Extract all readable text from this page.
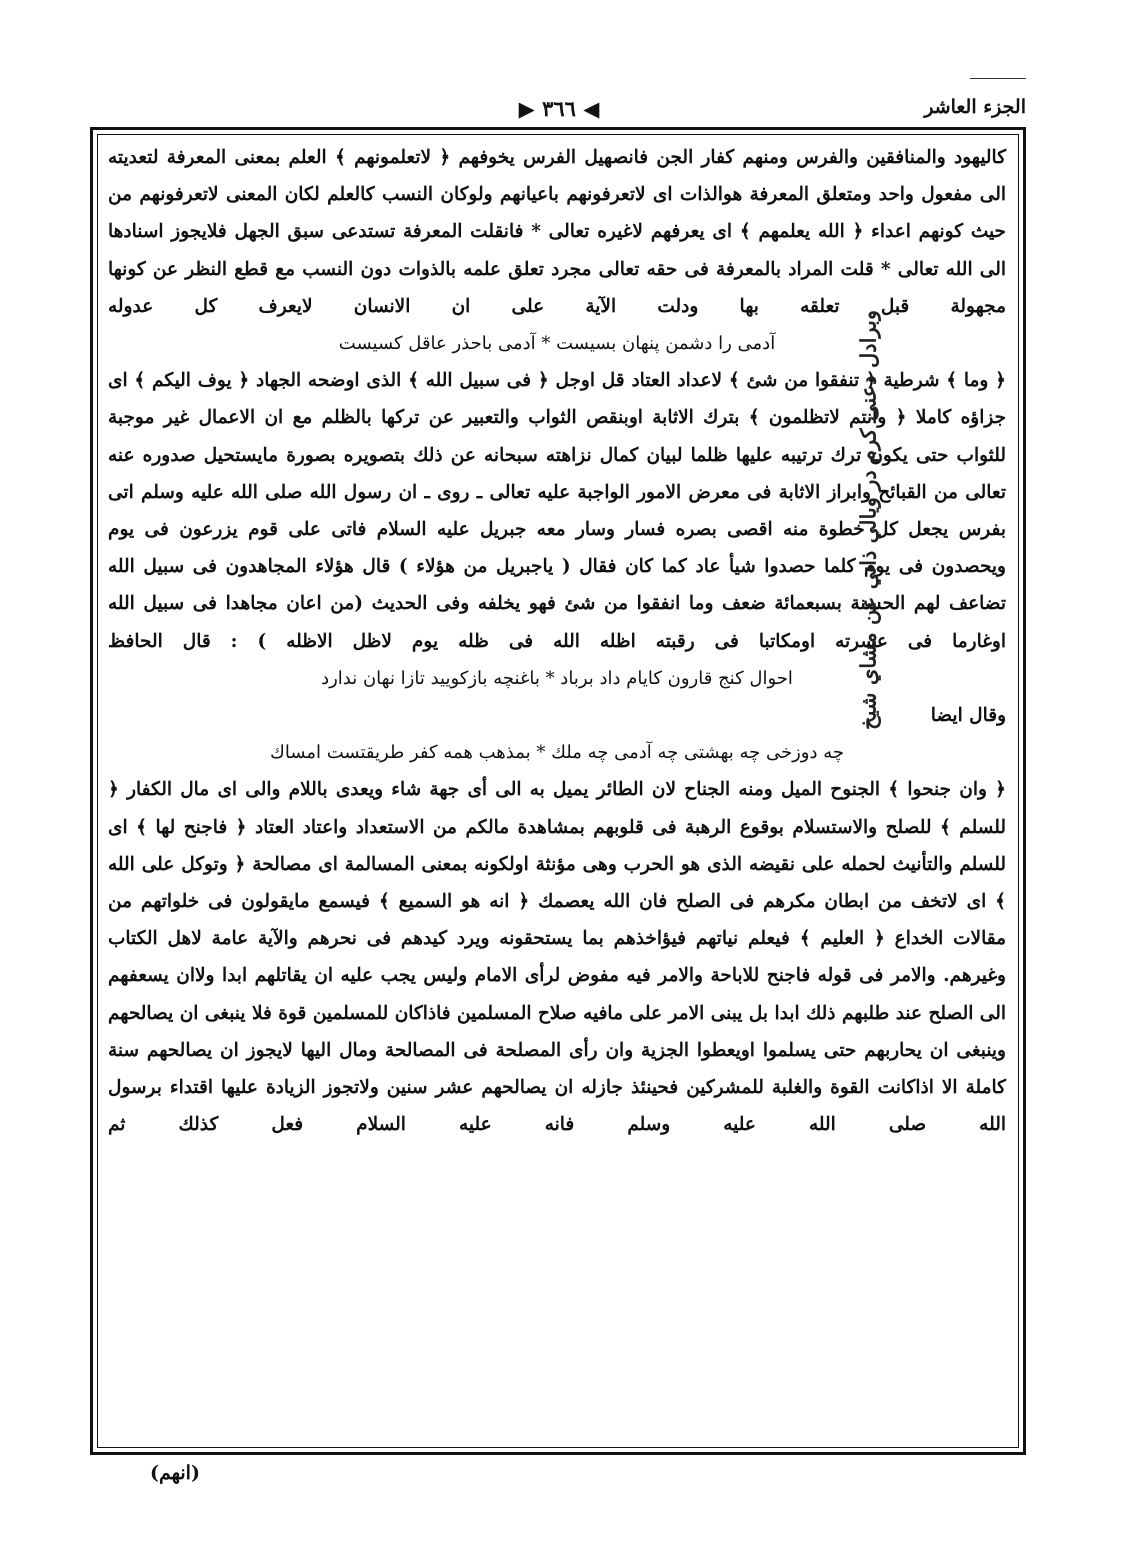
الجزء العاشر
◀ ٣٦٦ ▶
كاليهود والمنافقين والفرس ومنهم كفار الجن فانصهيل الفرس يخوفهم ﴿ لاتعلمونهم ﴾ العلم بمعنى المعرفة لتعديته الى مفعول واحد ومتعلق المعرفة هوالذات اى لاتعرفونهم باعيانهم ولوكان النسب كالعلم لكان المعنى لاتعرفونهم من حيث كونهم اعداء ﴿ الله يعلمهم ﴾ اى يعرفهم لاغيره تعالى * فانقلت المعرفة تستدعى سبق الجهل فلايجوز اسنادها الى الله تعالى * قلت المراد بالمعرفة فى حقه تعالى مجرد تعلق علمه بالذوات دون النسب مع قطع النظر عن كونها مجهولة قبل تعلقه بها ودلت الآية على ان الانسان لايعرف كل عدوله
آدمى را دشمن پنهان بسيست * آدمى باحذر عاقل كسيست
﴿ وما ﴾ شرطية ﴿ تنفقوا من شئ ﴾ لاعداد العتاد قل اوجل ﴿ فى سبيل الله ﴾ الذى اوضحه الجهاد ﴿ يوف اليكم ﴾ اى جزاؤه كاملا ﴿ وانتم لاتظلمون ﴾ بترك الاثابة اوبنقص الثواب والتعبير عن تركها بالظلم مع ان الاعمال غير موجبة للثواب حتى يكون ترك ترتيبه عليها ظلما لبيان كمال نزاهته سبحانه عن ذلك بتصويره بصورة مايستحيل صدوره عنه تعالى من القبائح وابراز الاثابة فى معرض الامور الواجبة عليه تعالى ـ روى ـ ان رسول الله صلى الله عليه وسلم اتى بفرس يجعل كل خطوة منه اقصى بصره فسار وسار معه جبريل عليه السلام فاتى على قوم يزرعون فى يوم ويحصدون فى يوم كلما حصدوا شيأ عاد كما كان فقال ( ياجبريل من هؤلاء ) قال هؤلاء المجاهدون فى سبيل الله تضاعف لهم الحسنة بسبعمائة ضعف وما انفقوا من شئ فهو يخلفه وفى الحديث (من اعان مجاهدا فى سبيل الله اوغارما فى عسرته اومكاتبا فى رقبته اظله الله فى ظله يوم لاظل الاظله ) : قال الحافظ
احوال كنج قارون كايام داد برباد * باغنچه بازكوييد تازا نهان ندارد
وقال ايضا
چه دوزخى چه بهشتى چه آدمى چه ملك * بمذهب همه كفر طريقتست امساك
﴿ وان جنحوا ﴾ الجنوح الميل ومنه الجناح لان الطائر يميل به الى أى جهة شاء ويعدى باللام والى اى مال الكفار ﴿ للسلم ﴾ للصلح والاستسلام بوقوع الرهبة فى قلوبهم بمشاهدة مالكم من الاستعداد واعتاد العتاد ﴿ فاجنح لها ﴾ اى للسلم والتأنيث لحمله على نقيضه الذى هو الحرب وهى مؤنثة اولكونه بمعنى المسالمة اى مصالحة ﴿ وتوكل على الله ﴾ اى لاتخف من ابطان مكرهم فى الصلح فان الله يعصمك ﴿ انه هو السميع ﴾ فيسمع مايقولون فى خلواتهم من مقالات الخداع ﴿ العليم ﴾ فيعلم نياتهم فيؤاخذهم بما يستحقونه ويرد كيدهم فى نحرهم والآية عامة لاهل الكتاب وغيرهم. والامر فى قوله فاجنح للاباحة والامر فيه مفوض لرأى الامام وليس يجب عليه ان يقاتلهم ابدا ولاان يسعفهم الى الصلح عند طلبهم ذلك ابدا بل يبنى الامر على مافيه صلاح المسلمين فاذاكان للمسلمين قوة فلا ينبغى ان يصالحهم وينبغى ان يحاربهم حتى يسلموا اويعطوا الجزية وان رأى المصلحة فى المصالحة ومال اليها لايجوز ان يصالحهم سنة كاملة الا اذاكانت القوة والغلبة للمشركين فحينئذ جازله ان يصالحهم عشر سنين ولاتجوز الزيادة عليها اقتداء برسول الله صلى الله عليه وسلم فانه عليه السلام فعل كذلك ثم
وبرادل دعنى كرم در ويالي ذاني عن مشاي شيخ
(انهم)
